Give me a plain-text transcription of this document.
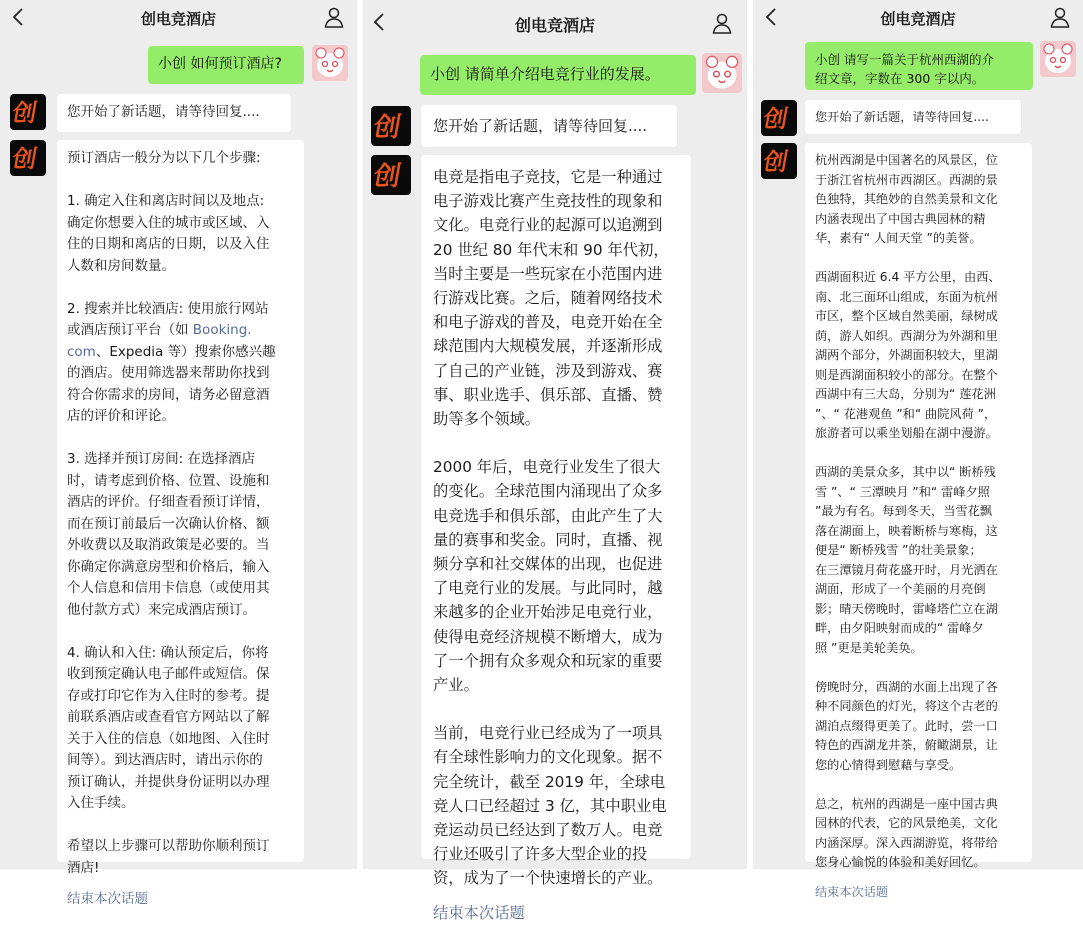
创电竞酒店
小创 如何预订酒店?
创	您开始了新话题，请等待回复....
创 预订酒店一般分为以下几个步骤:

1. 确定入住和离店时间以及地点:
确定你想要入住的城市或区域、入
住的日期和离店的日期，以及入住
人数和房间数量。

2. 搜索并比较酒店: 使用旅行网站
或酒店预订平台（如 Booking.
com、Expedia 等）搜索你感兴趣
的酒店。使用筛选器来帮助你找到
符合你需求的房间，请务必留意酒
店的评价和评论。

3. 选择并预订房间: 在选择酒店
时，请考虑到价格、位置、设施和
酒店的评价。仔细查看预订详情，
而在预订前最后一次确认价格、额
外收费以及取消政策是必要的。当
你确定你满意房型和价格后，输入
个人信息和信用卡信息（或使用其
他付款方式）来完成酒店预订。

4. 确认和入住: 确认预定后，你将
收到预定确认电子邮件或短信。保
存或打印它作为入住时的参考。提
前联系酒店或查看官方网站以了解
关于入住的信息（如地图、入住时
间等）。到达酒店时，请出示你的
预订确认，并提供身份证明以办理
入住手续。

希望以上步骤可以帮助你顺利预订
酒店!

结束本次话题
创电竞酒店
小创 请简单介绍电竞行业的发展。
创	您开始了新话题，请等待回复....
创 电竞是指电子竞技，它是一种通过
电子游戏比赛产生竞技性的现象和
文化。电竞行业的起源可以追溯到
20 世纪 80 年代末和 90 年代初，
当时主要是一些玩家在小范围内进
行游戏比赛。之后，随着网络技术
和电子游戏的普及，电竞开始在全
球范围内大规模发展，并逐渐形成
了自己的产业链，涉及到游戏、赛
事、职业选手、俱乐部、直播、赞
助等多个领域。

2000 年后，电竞行业发生了很大
的变化。全球范围内涌现出了众多
电竞选手和俱乐部，由此产生了大
量的赛事和奖金。同时，直播、视
频分享和社交媒体的出现，也促进
了电竞行业的发展。与此同时，越
来越多的企业开始涉足电竞行业，
使得电竞经济规模不断增大，成为
了一个拥有众多观众和玩家的重要
产业。

当前，电竞行业已经成为了一项具
有全球性影响力的文化现象。据不
完全统计，截至 2019 年，全球电
竞人口已经超过 3 亿，其中职业电
竞运动员已经达到了数万人。电竞
行业还吸引了许多大型企业的投
资，成为了一个快速增长的产业。

结束本次话题
创电竞酒店
小创 请写一篇关于杭州西湖的介
绍文章，字数在 300 字以内。
创	您开始了新话题，请等待回复....
创 杭州西湖是中国著名的风景区，位
于浙江省杭州市西湖区。西湖的景
色独特，其绝妙的自然美景和文化
内涵表现出了中国古典园林的精
华，素有“ 人间天堂 ”的美誉。

西湖面积近 6.4 平方公里，由西、
南、北三面环山组成，东面为杭州
市区，整个区域自然美丽，绿树成
荫，游人如织。西湖分为外湖和里
湖两个部分，外湖面积较大，里湖
则是西湖面积较小的部分。在整个
西湖中有三大岛，分别为“ 莲花洲
”、“ 花港观鱼 ”和“ 曲院风荷 ”，
旅游者可以乘坐划船在湖中漫游。

西湖的美景众多，其中以“ 断桥残
雪 ”、“ 三潭映月 ”和“ 雷峰夕照
”最为有名。每到冬天，当雪花飘
落在湖面上，映着断桥与寒梅，这
便是“ 断桥残雪 ”的壮美景象；
在三潭镜月荷花盛开时，月光洒在
湖面，形成了一个美丽的月亮倒
影；晴天傍晚时，雷峰塔伫立在湖
畔，由夕阳映射而成的“ 雷峰夕
照 ”更是美轮美奂。

傍晚时分，西湖的水面上出现了各
种不同颜色的灯光，将这个古老的
湖泊点缀得更美了。此时，尝一口
特色的西湖龙井茶，俯瞰湖景，让
您的心情得到慰藉与享受。

总之，杭州的西湖是一座中国古典
园林的代表，它的风景绝美，文化
内涵深厚。深入西湖游览，将带给
您身心愉悦的体验和美好回忆。

结束本次话题
